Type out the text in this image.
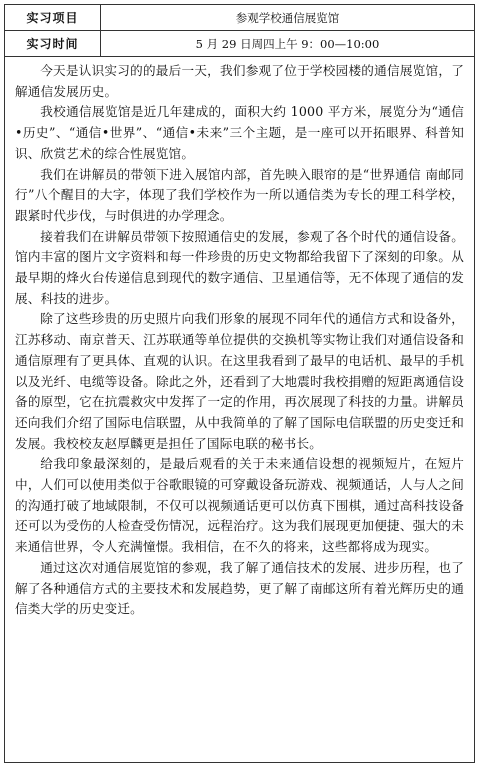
实习项目	参观学校通信展览馆
实习时间	5 月 29 日周四上午 9：00—10:00

今天是认识实习的的最后一天，我们参观了位于学校园楼的通信展览馆，了解通信发展历史。

我校通信展览馆是近几年建成的，面积大约 1000 平方米，展览分为“通信•历史”、“通信•世界”、“通信•未来”三个主题，是一座可以开拓眼界、科普知识、欣赏艺术的综合性展览馆。

我们在讲解员的带领下进入展馆内部，首先映入眼帘的是“世界通信 南邮同行”八个醒目的大字，体现了我们学校作为一所以通信类为专长的理工科学校，跟紧时代步伐，与时俱进的办学理念。

接着我们在讲解员带领下按照通信史的发展，参观了各个时代的通信设备。馆内丰富的图片文字资料和每一件珍贵的历史文物都给我留下了深刻的印象。从最早期的烽火台传递信息到现代的数字通信、卫星通信等，无不体现了通信的发展、科技的进步。

除了这些珍贵的历史照片向我们形象的展现不同年代的通信方式和设备外，江苏移动、南京普天、江苏联通等单位提供的交换机等实物让我们对通信设备和通信原理有了更具体、直观的认识。在这里我看到了最早的电话机、最早的手机以及光纤、电缆等设备。除此之外，还看到了大地震时我校捐赠的短距离通信设备的原型，它在抗震救灾中发挥了一定的作用，再次展现了科技的力量。讲解员还向我们介绍了国际电信联盟，从中我简单的了解了国际电信联盟的历史变迁和发展。我校校友赵厚麟更是担任了国际电联的秘书长。

给我印象最深刻的，是最后观看的关于未来通信设想的视频短片，在短片中，人们可以使用类似于谷歌眼镜的可穿戴设备玩游戏、视频通话，人与人之间的沟通打破了地域限制，不仅可以视频通话更可以仿真下围棋，通过高科技设备还可以为受伤的人检查受伤情况，远程治疗。这为我们展现更加便捷、强大的未来通信世界，令人充满憧憬。我相信，在不久的将来，这些都将成为现实。

通过这次对通信展览馆的参观，我了解了通信技术的发展、进步历程，也了解了各种通信方式的主要技术和发展趋势，更了解了南邮这所有着光辉历史的通信类大学的历史变迁。
